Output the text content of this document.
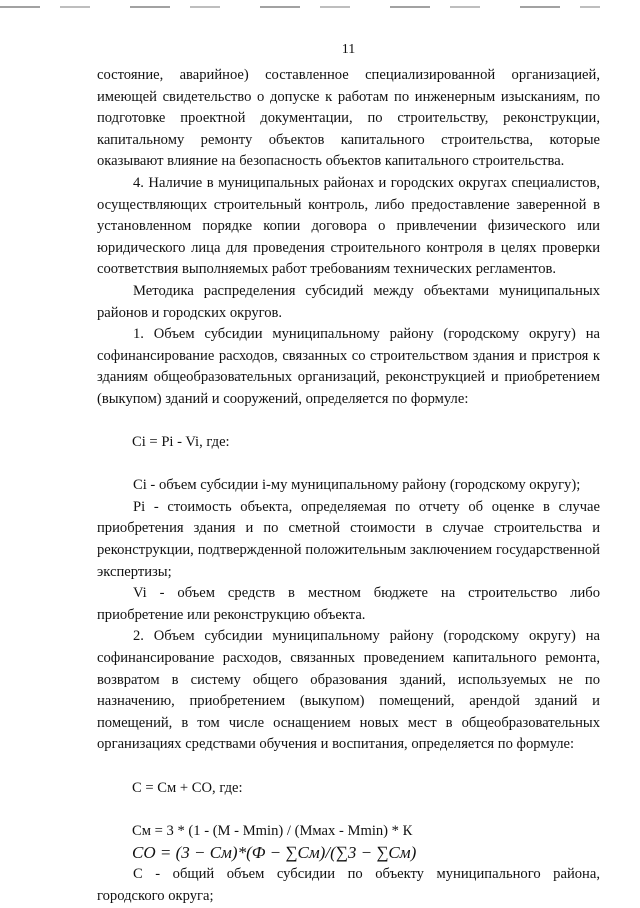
11

состояние, аварийное) составленное специализированной организацией, имеющей свидетельство о допуске к работам по инженерным изысканиям, по подготовке проектной документации, по строительству, реконструкции, капитальному ремонту объектов капитального строительства, которые оказывают влияние на безопасность объектов капитального строительства.

4. Наличие в муниципальных районах и городских округах специалистов, осуществляющих строительный контроль, либо предоставление заверенной в установленном порядке копии договора о привлечении физического или юридического лица для проведения строительного контроля в целях проверки соответствия выполняемых работ требованиям технических регламентов.

Методика распределения субсидий между объектами муниципальных районов и городских округов.

1. Объем субсидии муниципальному району (городскому округу) на софинансирование расходов, связанных со строительством здания и пристроя к зданиям общеобразовательных организаций, реконструкцией и приобретением (выкупом) зданий и сооружений, определяется по формуле:

Ci = Pi - Vi, где:

Ci - объем субсидии i-му муниципальному району (городскому округу);

Pi - стоимость объекта, определяемая по отчету об оценке в случае приобретения здания и по сметной стоимости в случае строительства и реконструкции, подтвержденной положительным заключением государственной экспертизы;

Vi - объем средств в местном бюджете на строительство либо приобретение или реконструкцию объекта.

2. Объем субсидии муниципальному району (городскому округу) на софинансирование расходов, связанных проведением капитального ремонта, возвратом в систему общего образования зданий, используемых не по назначению, приобретением (выкупом) помещений, арендой зданий и помещений, в том числе оснащением новых мест в общеобразовательных организациях средствами обучения и воспитания, определяется по формуле:

С = См + СО, где:

См = 3 * (1 - (М - Mmin) / (Ммах - Mmin) * К

СО = (3 − См)*(Ф − ∑См)/(∑3 − ∑См)

С - общий объем субсидии по объекту муниципального района, городского округа;
